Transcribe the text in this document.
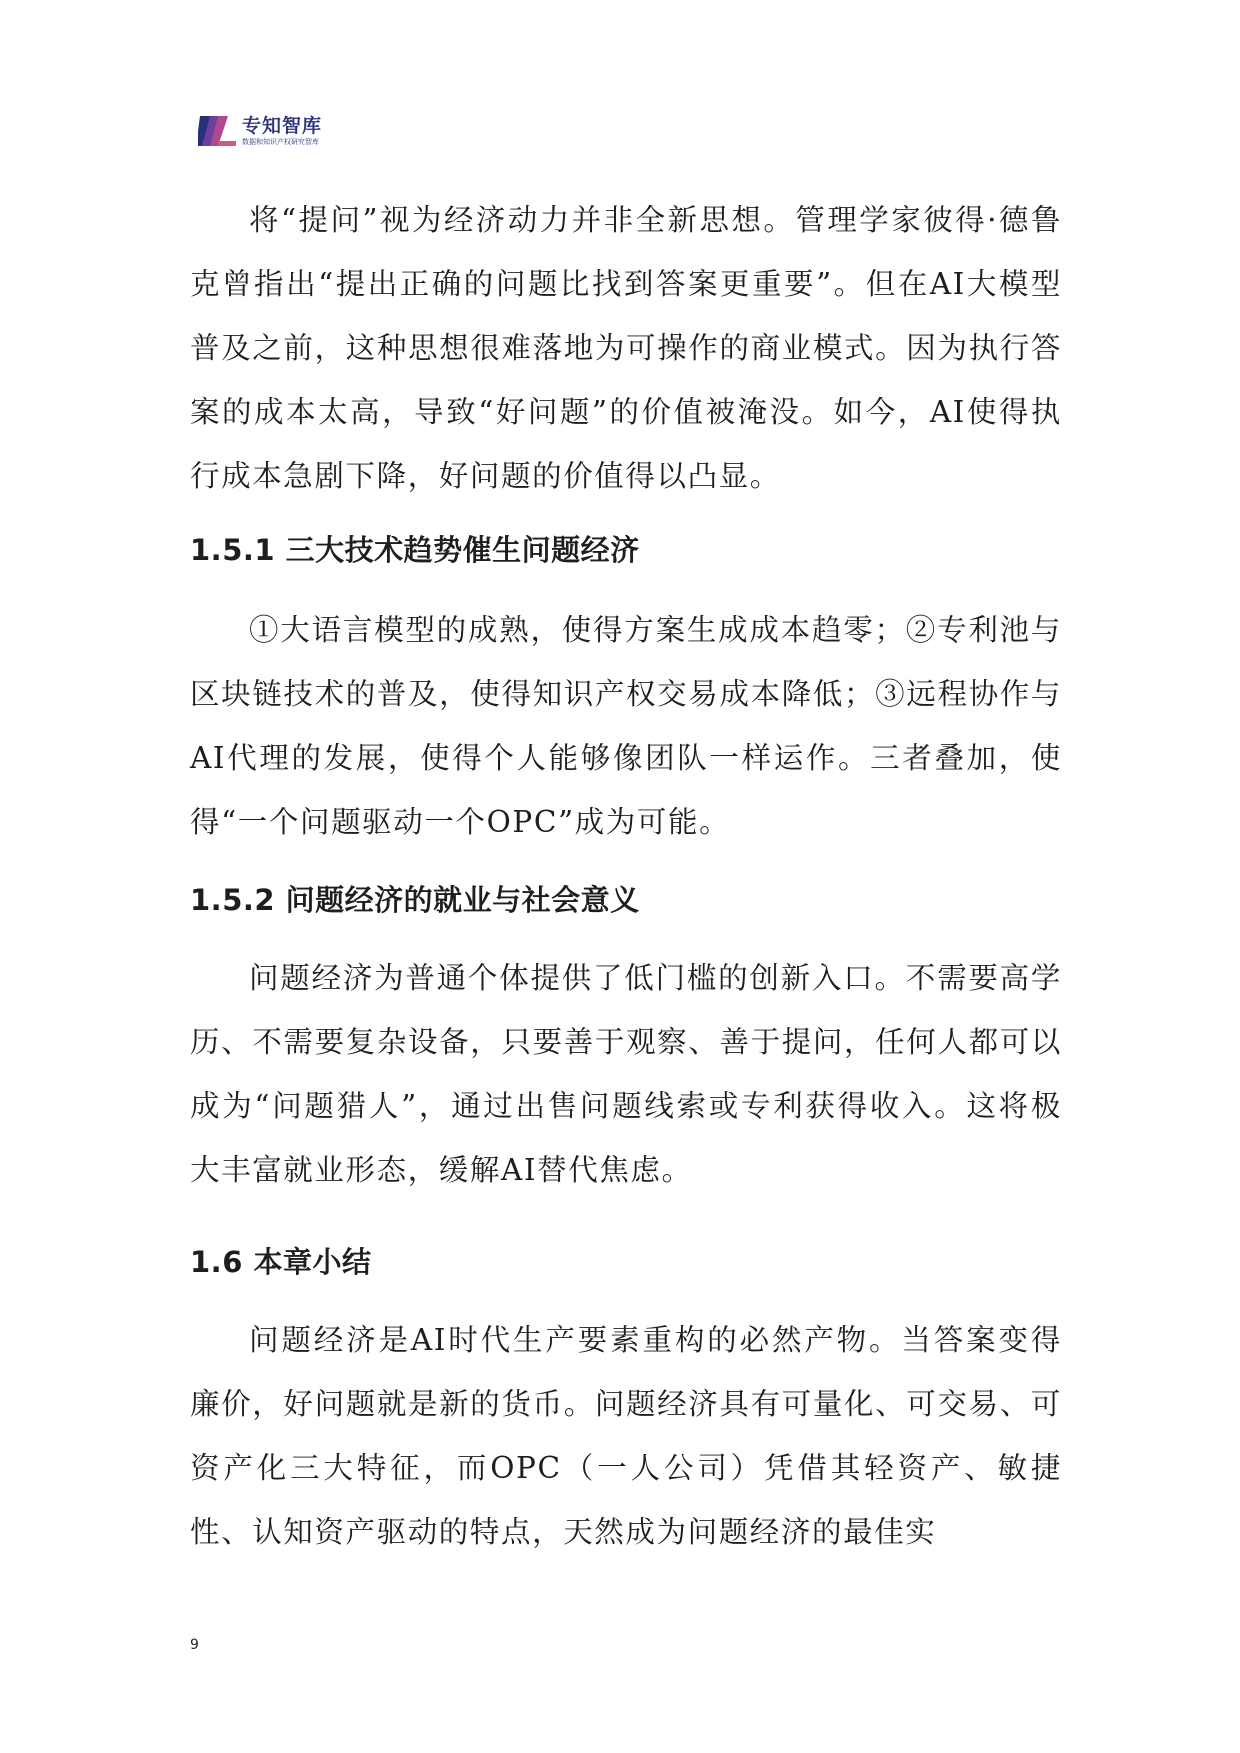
专知智库
数据和知识产权研究智库

将“提问”视为经济动力并非全新思想。管理学家彼得·德鲁克曾指出“提出正确的问题比找到答案更重要”。但在AI大模型普及之前，这种思想很难落地为可操作的商业模式。因为执行答案的成本太高，导致“好问题”的价值被淹没。如今，AI使得执行成本急剧下降，好问题的价值得以凸显。

1.5.1 三大技术趋势催生问题经济

①大语言模型的成熟，使得方案生成成本趋零；②专利池与区块链技术的普及，使得知识产权交易成本降低；③远程协作与AI代理的发展，使得个人能够像团队一样运作。三者叠加，使得“一个问题驱动一个OPC”成为可能。

1.5.2 问题经济的就业与社会意义

问题经济为普通个体提供了低门槛的创新入口。不需要高学历、不需要复杂设备，只要善于观察、善于提问，任何人都可以成为“问题猎人”，通过出售问题线索或专利获得收入。这将极大丰富就业形态，缓解AI替代焦虑。

1.6 本章小结

问题经济是AI时代生产要素重构的必然产物。当答案变得廉价，好问题就是新的货币。问题经济具有可量化、可交易、可资产化三大特征，而OPC（一人公司）凭借其轻资产、敏捷性、认知资产驱动的特点，天然成为问题经济的最佳实

9
